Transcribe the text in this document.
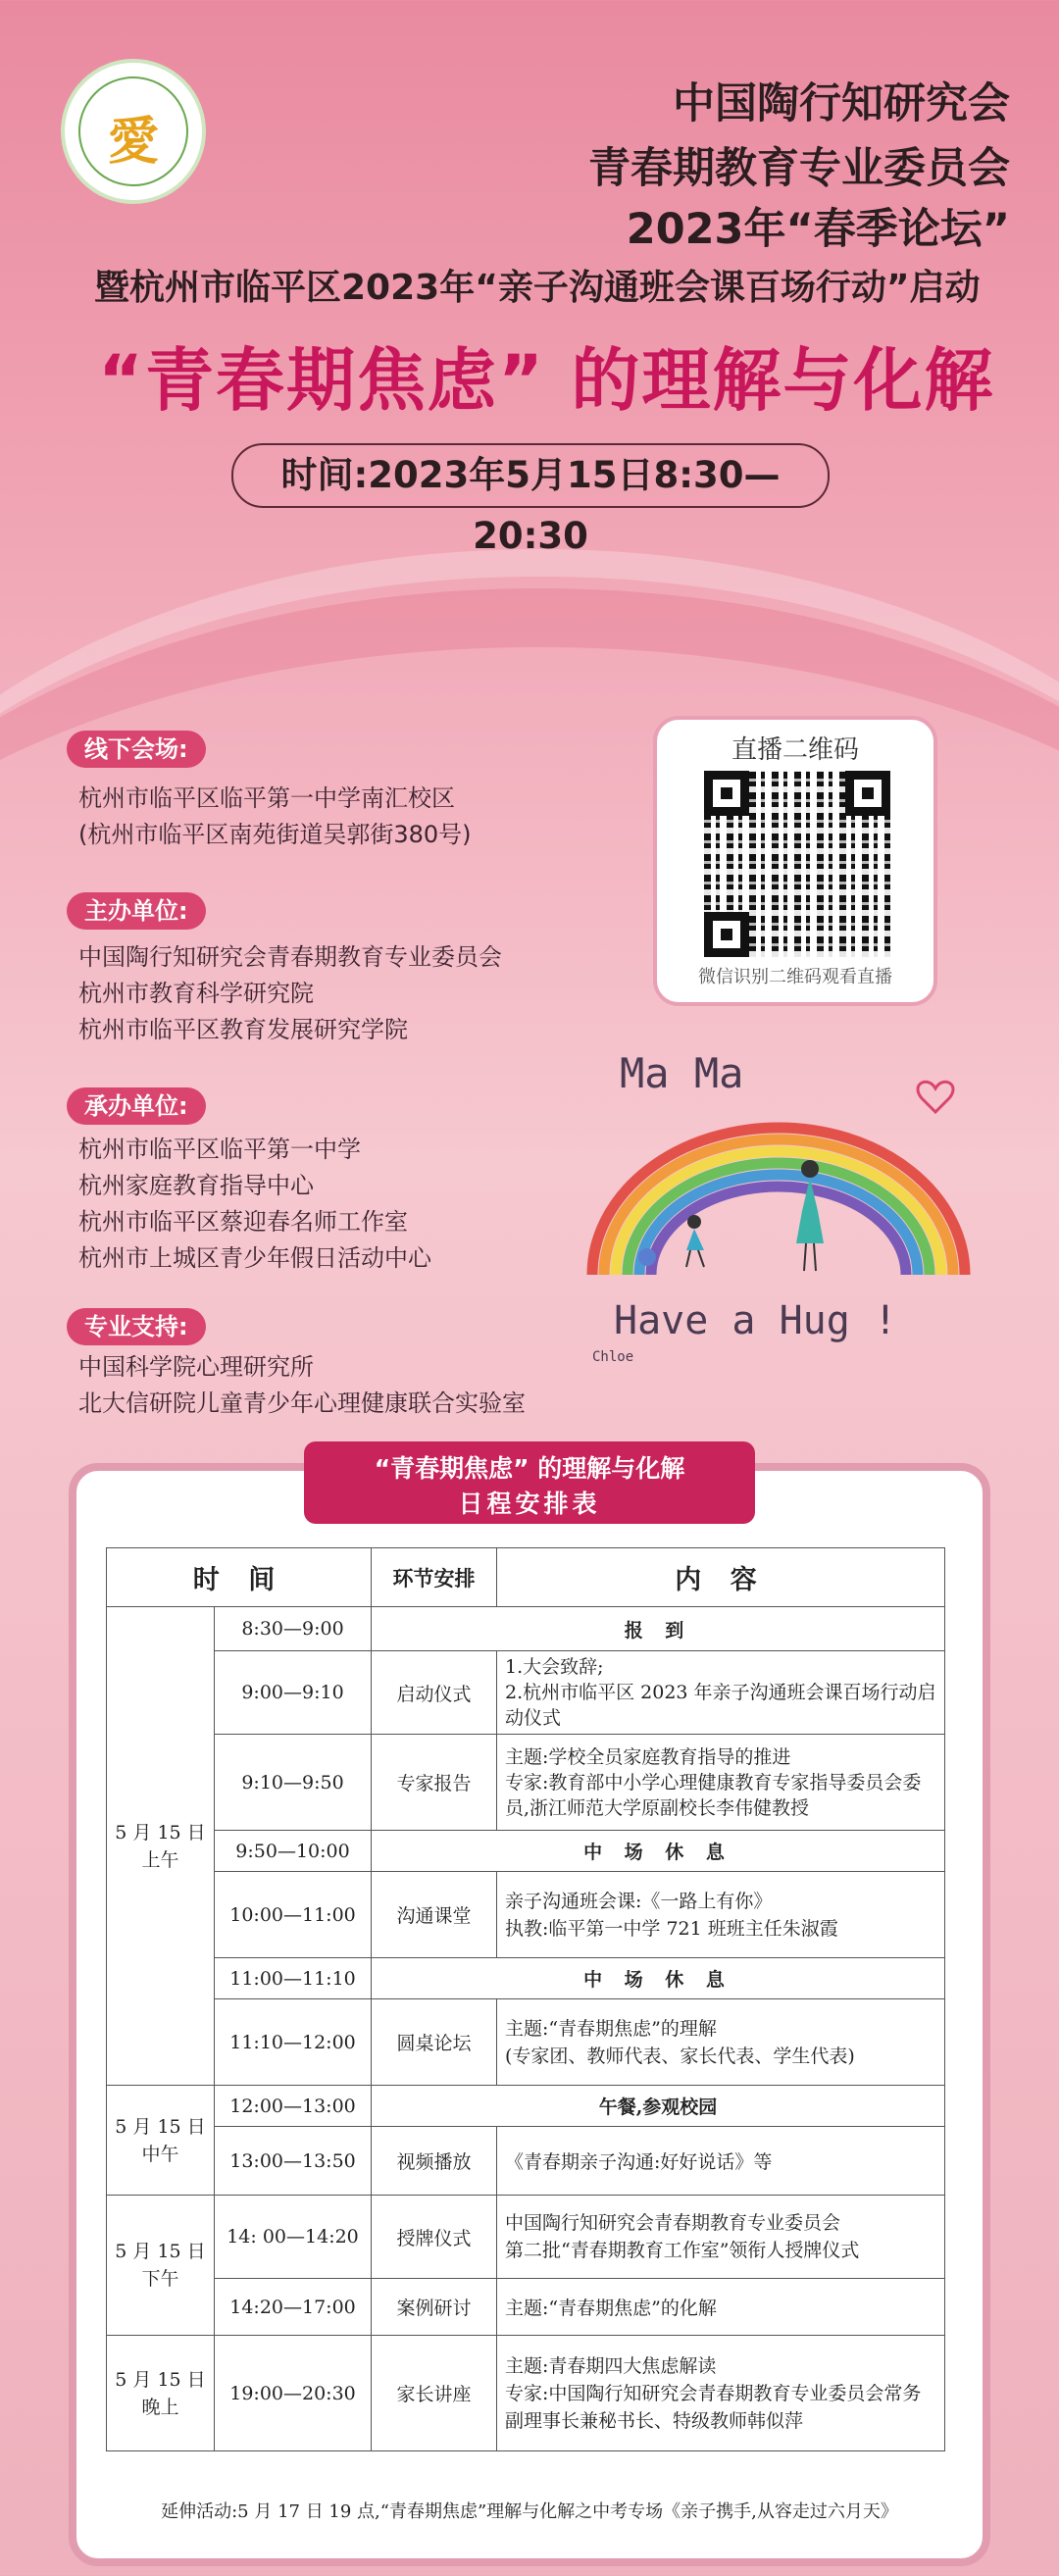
愛
中国陶行知研究会
青春期教育专业委员会
2023年“春季论坛”
暨杭州市临平区2023年“亲子沟通班会课百场行动”启动
“青春期焦虑” 的理解与化解
时间:2023年5月15日8:30—20:30
线下会场:
杭州市临平区临平第一中学南汇校区
(杭州市临平区南苑街道吴郭街380号)
主办单位:
中国陶行知研究会青春期教育专业委员会
杭州市教育科学研究院
杭州市临平区教育发展研究学院
承办单位:
杭州市临平区临平第一中学
杭州家庭教育指导中心
杭州市临平区蔡迎春名师工作室
杭州市上城区青少年假日活动中心
专业支持:
中国科学院心理研究所
北大信研院儿童青少年心理健康联合实验室
直播二维码
微信识别二维码观看直播
Ma Ma
Have a Hug !
Chloe
“青春期焦虑” 的理解与化解
日程安排表
时 间		环节安排	内 容
5 月 15 日
上午	8:30—9:00	报 到	
	9:00—9:10	启动仪式	1.大会致辞;
2.杭州市临平区 2023 年亲子沟通班会课百场行动启动仪式
	9:10—9:50	专家报告	主题:学校全员家庭教育指导的推进
专家:教育部中小学心理健康教育专家指导委员会委员,浙江师范大学原副校长李伟健教授
	9:50—10:00	中 场 休 息	
	10:00—11:00	沟通课堂	亲子沟通班会课:《一路上有你》
执教:临平第一中学 721 班班主任朱淑霞
	11:00—11:10	中 场 休 息	
	11:10—12:00	圆桌论坛	主题:“青春期焦虑”的理解
(专家团、教师代表、家长代表、学生代表)
5 月 15 日
中午	12:00—13:00	午餐,参观校园	
	13:00—13:50	视频播放	《青春期亲子沟通:好好说话》等
5 月 15 日
下午	14: 00—14:20	授牌仪式	中国陶行知研究会青春期教育专业委员会
第二批“青春期教育工作室”领衔人授牌仪式
	14:20—17:00	案例研讨	主题:“青春期焦虑”的化解
5 月 15 日
晚上	19:00—20:30	家长讲座	主题:青春期四大焦虑解读
专家:中国陶行知研究会青春期教育专业委员会常务副理事长兼秘书长、特级教师韩似萍
延伸活动:5 月 17 日 19 点,“青春期焦虑”理解与化解之中考专场《亲子携手,从容走过六月天》
